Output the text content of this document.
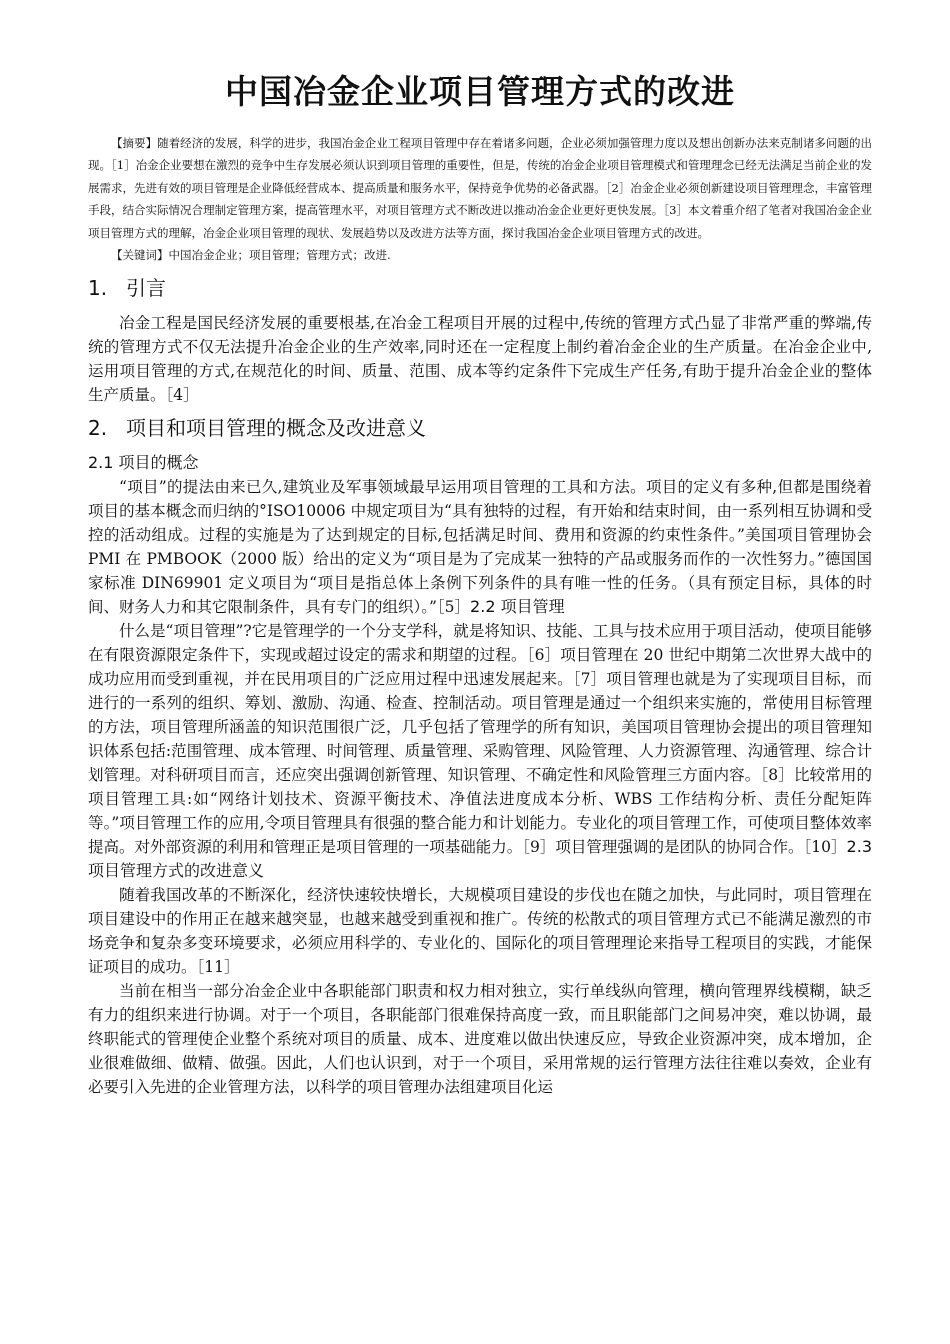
中国冶金企业项目管理方式的改进

【摘要】随着经济的发展，科学的进步，我国冶金企业工程项目管理中存在着诸多问题，企业必须加强管理力度以及想出创新办法来克制诸多问题的出现。［1］冶金企业要想在激烈的竞争中生存发展必须认识到项目管理的重要性，但是，传统的冶金企业项目管理模式和管理理念已经无法满足当前企业的发展需求，先进有效的项目管理是企业降低经营成本、提高质量和服务水平，保持竞争优势的必备武器。［2］冶金企业必须创新建设项目管理理念，丰富管理手段，结合实际情况合理制定管理方案，提高管理水平，对项目管理方式不断改进以推动冶金企业更好更快发展。［3］本文着重介绍了笔者对我国冶金企业项目管理方式的理解，冶金企业项目管理的现状、发展趋势以及改进方法等方面，探讨我国冶金企业项目管理方式的改进。

【关键词】中国冶金企业；项目管理；管理方式；改进.

1. 引言

冶金工程是国民经济发展的重要根基,在冶金工程项目开展的过程中,传统的管理方式凸显了非常严重的弊端,传统的管理方式不仅无法提升冶金企业的生产效率,同时还在一定程度上制约着冶金企业的生产质量。在冶金企业中,运用项目管理的方式,在规范化的时间、质量、范围、成本等约定条件下完成生产任务,有助于提升冶金企业的整体生产质量。［4］

2. 项目和项目管理的概念及改进意义
2.1 项目的概念

“项目”的提法由来已久,建筑业及军事领域最早运用项目管理的工具和方法。项目的定义有多种,但都是围绕着项目的基本概念而归纳的°ISO10006 中规定项目为“具有独特的过程，有开始和结束时间，由一系列相互协调和受控的活动组成。过程的实施是为了达到规定的目标,包括满足时间、费用和资源的约束性条件。”美国项目管理协会 PMI 在 PMBOOK（2000 版）给出的定义为“项目是为了完成某一独特的产品或服务而作的一次性努力。”德国国家标准 DIN69901 定义项目为“项目是指总体上条例下列条件的具有唯一性的任务。（具有预定目标，具体的时间、财务人力和其它限制条件，具有专门的组织）。”［5］2.2 项目管理

什么是“项目管理”?它是管理学的一个分支学科，就是将知识、技能、工具与技术应用于项目活动，使项目能够在有限资源限定条件下，实现或超过设定的需求和期望的过程。［6］项目管理在 20 世纪中期第二次世界大战中的成功应用而受到重视，并在民用项目的广泛应用过程中迅速发展起来。［7］项目管理也就是为了实现项目目标，而进行的一系列的组织、筹划、激励、沟通、检查、控制活动。项目管理是通过一个组织来实施的，常使用目标管理的方法，项目管理所涵盖的知识范围很广泛，几乎包括了管理学的所有知识，美国项目管理协会提出的项目管理知识体系包括:范围管理、成本管理、时间管理、质量管理、采购管理、风险管理、人力资源管理、沟通管理、综合计划管理。对科研项目而言，还应突出强调创新管理、知识管理、不确定性和风险管理三方面内容。［8］比较常用的项目管理工具:如“网络计划技术、资源平衡技术、净值法进度成本分析、WBS 工作结构分析、责任分配矩阵等。”项目管理工作的应用,令项目管理具有很强的整合能力和计划能力。专业化的项目管理工作，可使项目整体效率提高。对外部资源的利用和管理正是项目管理的一项基础能力。［9］项目管理强调的是团队的协同合作。［10］2.3 项目管理方式的改进意义

随着我国改革的不断深化，经济快速较快增长，大规模项目建设的步伐也在随之加快，与此同时，项目管理在项目建设中的作用正在越来越突显，也越来越受到重视和推广。传统的松散式的项目管理方式已不能满足激烈的市场竞争和复杂多变环境要求，必须应用科学的、专业化的、国际化的项目管理理论来指导工程项目的实践，才能保证项目的成功。［11］

当前在相当一部分冶金企业中各职能部门职责和权力相对独立，实行单线纵向管理，横向管理界线模糊，缺乏有力的组织来进行协调。对于一个项目，各职能部门很难保持高度一致，而且职能部门之间易冲突，难以协调，最终职能式的管理使企业整个系统对项目的质量、成本、进度难以做出快速反应，导致企业资源冲突，成本增加，企业很难做细、做精、做强。因此，人们也认识到，对于一个项目，采用常规的运行管理方法往往难以奏效，企业有必要引入先进的企业管理方法，以科学的项目管理办法组建项目化运
